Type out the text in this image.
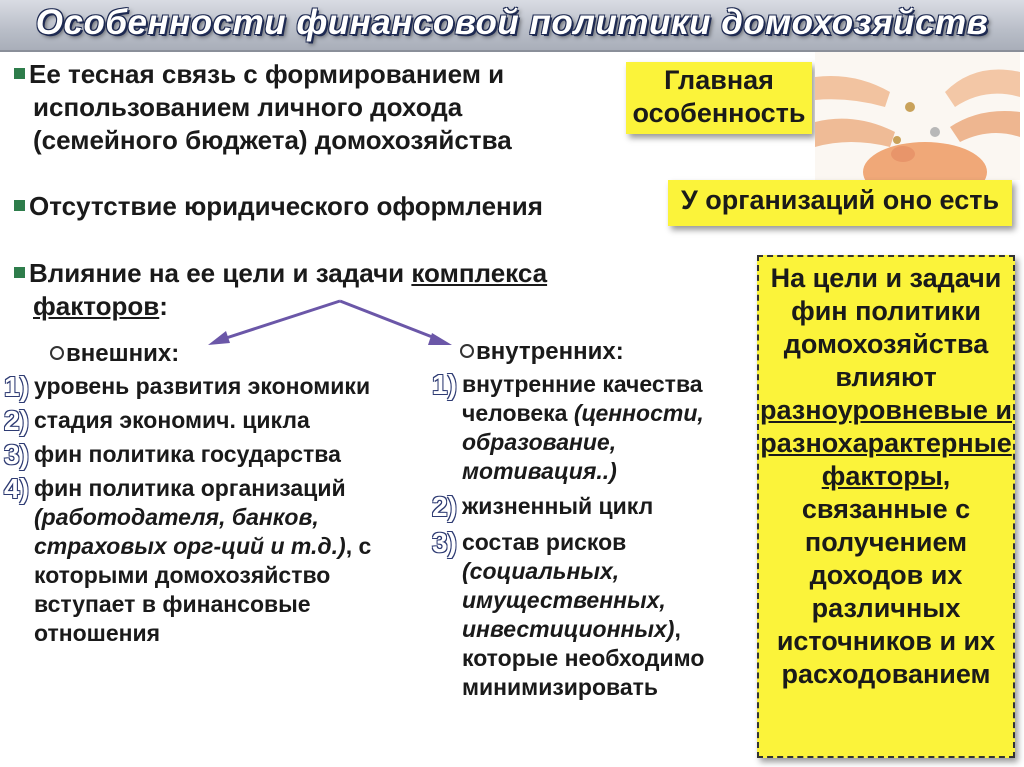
Особенности финансовой политики домохозяйств
Ее тесная связь с формированием и
использованием личного дохода
(семейного бюджета) домохозяйства
Главная
особенность
Отсутствие юридического оформления	У организаций оно есть
Влияние на ее цели и задачи комплекса
факторов:
внешних:
1) уровень развития экономики
2) стадия экономич. цикла
3) фин политика государства
4) фин политика организаций (работодателя, банков, страховых орг-ций и т.д.), с которыми домохозяйство вступает в финансовые отношения
внутренних:
1) внутренние качества человека (ценности, образование, мотивация..)
2) жизненный цикл
3) состав рисков (социальных, имущественных, инвестиционных), которые необходимо минимизировать
На цели и задачи
фин политики
домохозяйства
влияют
разноуровневые и
разнохарактерные
факторы,
связанные с
получением
доходов их
различных
источников и их
расходованием
